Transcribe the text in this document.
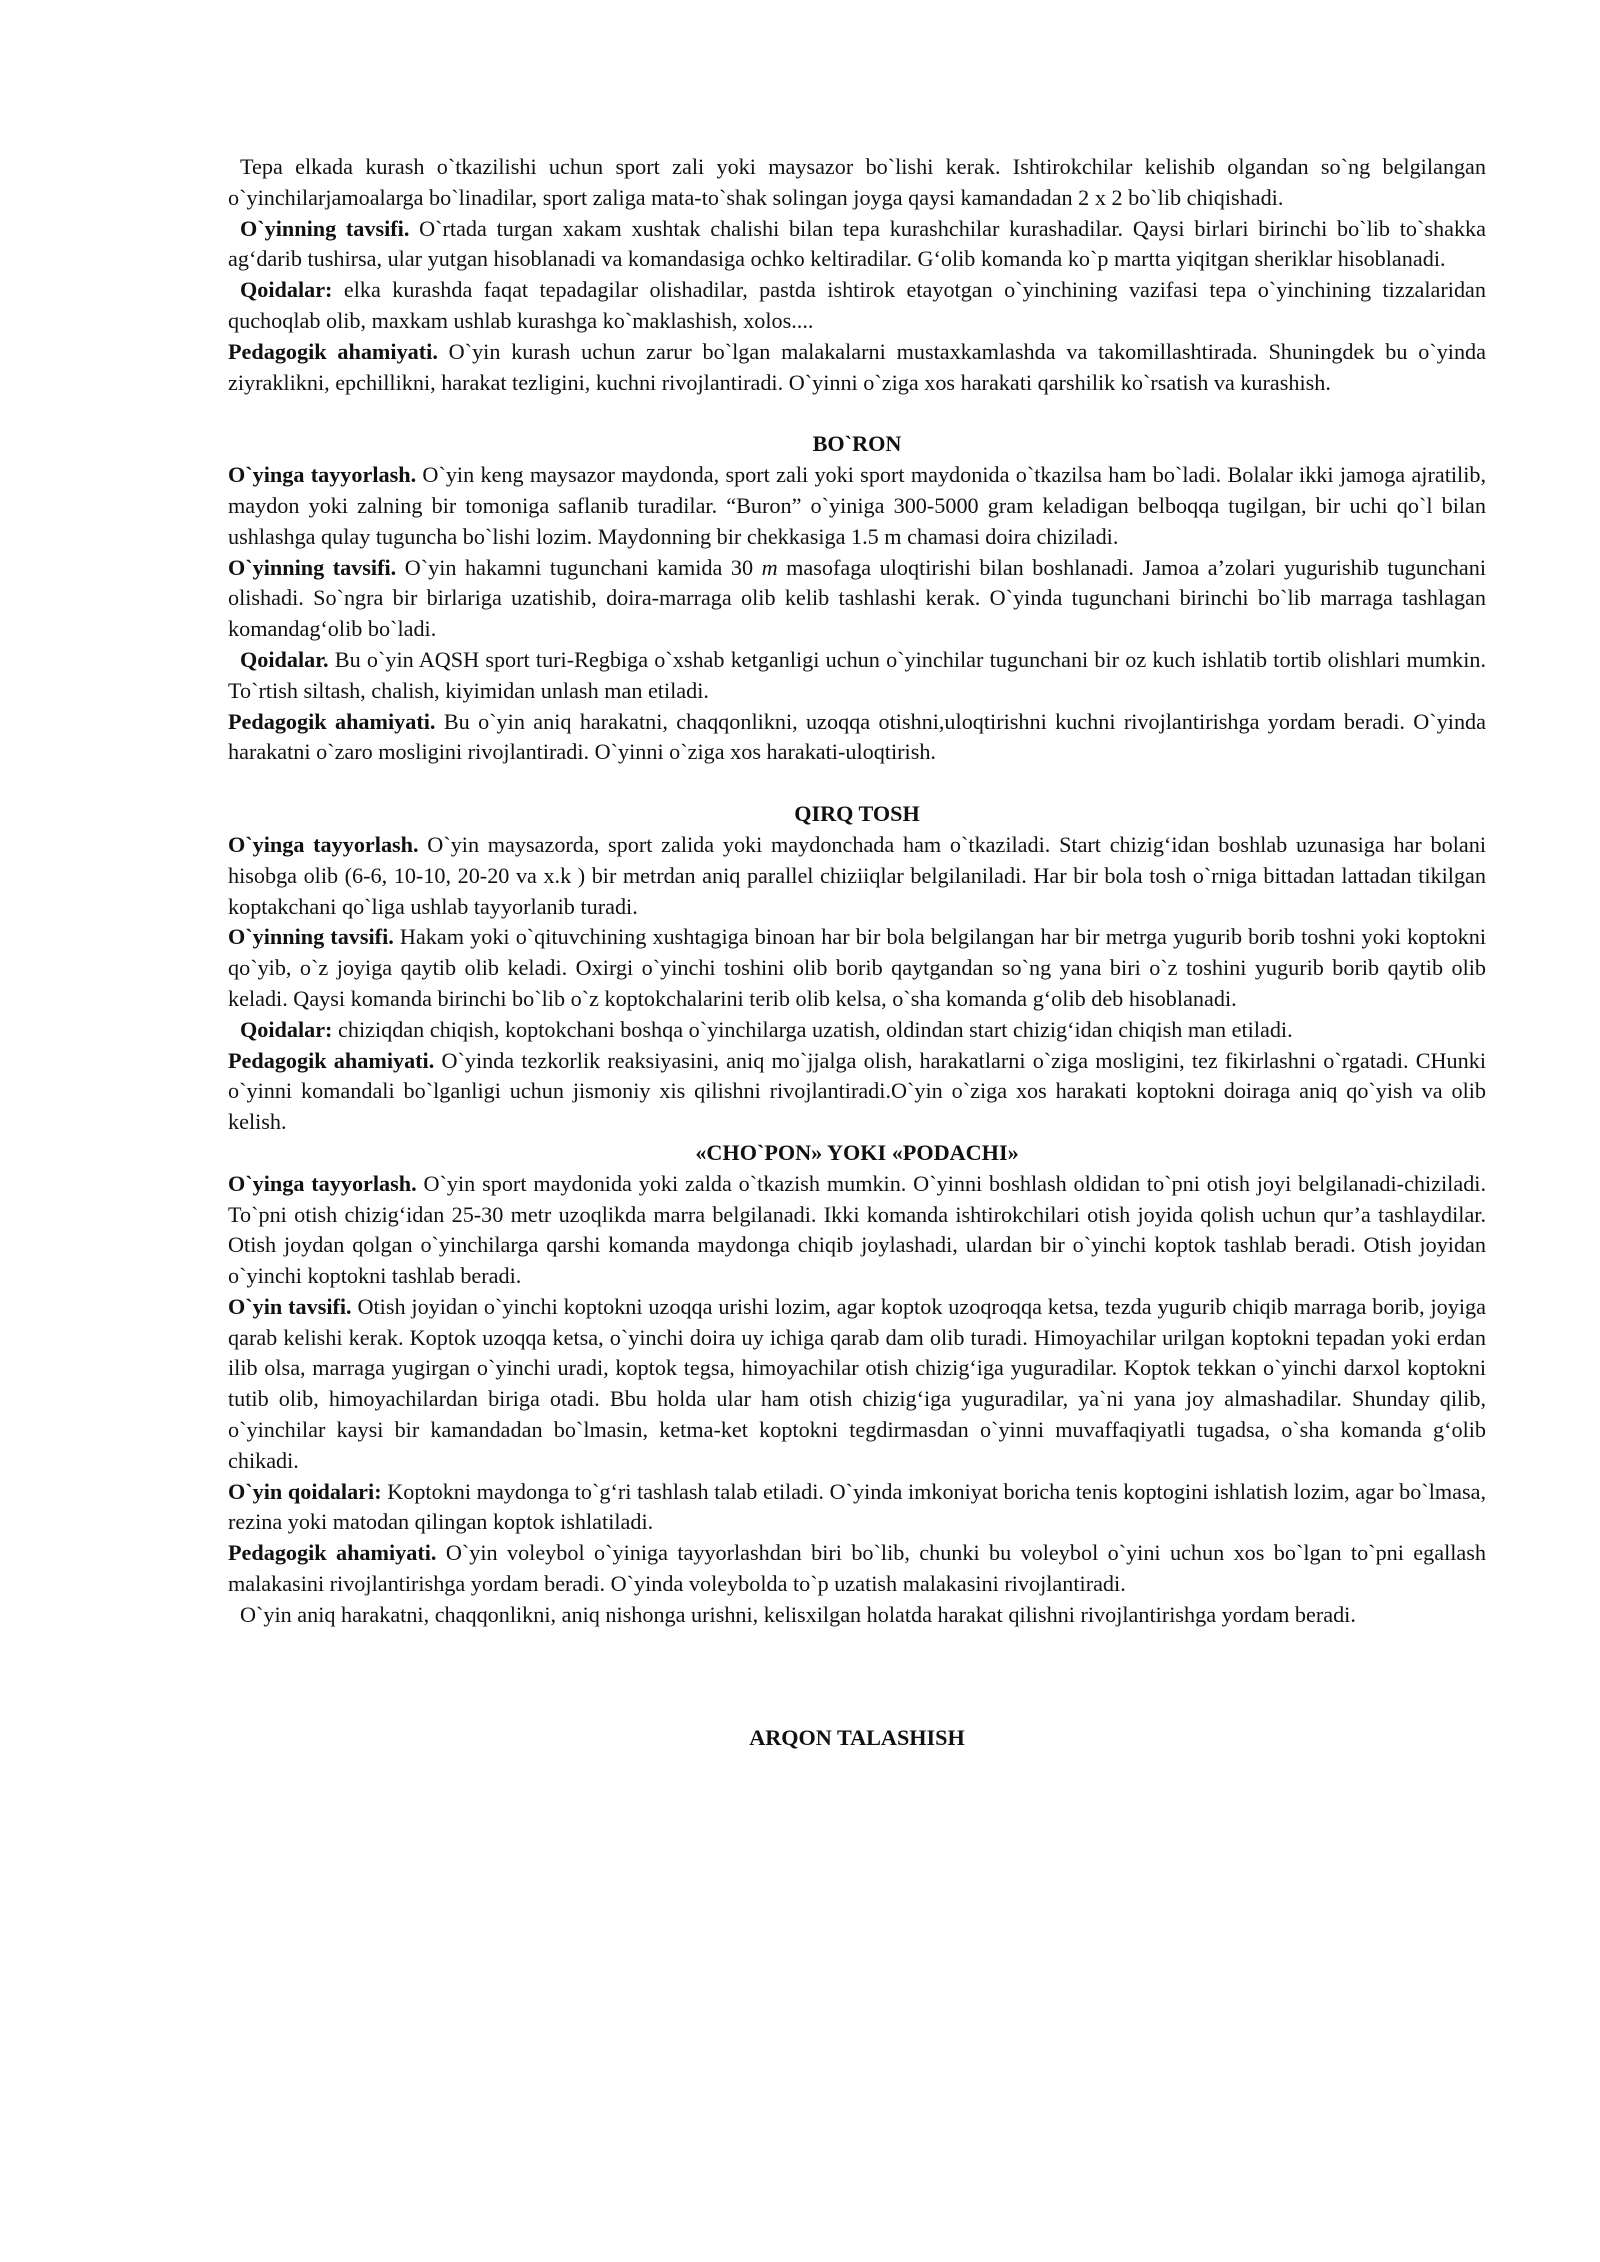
Tepa elkada kurash o`tkazilishi uchun sport zali yoki maysazor bo`lishi kerak. Ishtirokchilar kelishib olgandan so`ng belgilangan o`yinchilarjamoalarga bo`linadilar, sport zaliga mata-to`shak solingan joyga qaysi kamandadan 2 x 2 bo`lib chiqishadi.

O`yinning tavsifi. O`rtada turgan xakam xushtak chalishi bilan tepa kurashchilar kurashadilar. Qaysi birlari birinchi bo`lib to`shakka ag‘darib tushirsa, ular yutgan hisoblanadi va komandasiga ochko keltiradilar. G‘olib komanda ko`p martta yiqitgan sheriklar hisoblanadi.

Qoidalar: elka kurashda faqat tepadagilar olishadilar, pastda ishtirok etayotgan o`yinchining vazifasi tepa o`yinchining tizzalaridan quchoqlab olib, maxkam ushlab kurashga ko`maklashish, xolos....

Pedagogik ahamiyati. O`yin kurash uchun zarur bo`lgan malakalarni mustaxkamlashda va takomillashtirada. Shuningdek bu o`yinda ziyraklikni, epchillikni, harakat tezligini, kuchni rivojlantiradi. O`yinni o`ziga xos harakati qarshilik ko`rsatish va kurashish.

BO`RON

O`yinga tayyorlash. O`yin keng maysazor maydonda, sport zali yoki sport maydonida o`tkazilsa ham bo`ladi. Bolalar ikki jamoga ajratilib, maydon yoki zalning bir tomoniga saflanib turadilar. “Buron” o`yiniga 300-5000 gram keladigan belboqqa tugilgan, bir uchi qo`l bilan ushlashga qulay tuguncha bo`lishi lozim. Maydonning bir chekkasiga 1.5 m chamasi doira chiziladi.

O`yinning tavsifi. O`yin hakamni tugunchani kamida 30 m masofaga uloqtirishi bilan boshlanadi. Jamoa a’zolari yugurishib tugunchani olishadi. So`ngra bir birlariga uzatishib, doira-marraga olib kelib tashlashi kerak. O`yinda tugunchani birinchi bo`lib marraga tashlagan komandag‘olib bo`ladi.

Qoidalar. Bu o`yin AQSH sport turi-Regbiga o`xshab ketganligi uchun o`yinchilar tugunchani bir oz kuch ishlatib tortib olishlari mumkin. To`rtish siltash, chalish, kiyimidan unlash man etiladi.

Pedagogik ahamiyati. Bu o`yin aniq harakatni, chaqqonlikni, uzoqqa otishni,uloqtirishni kuchni rivojlantirishga yordam beradi. O`yinda harakatni o`zaro mosligini rivojlantiradi. O`yinni o`ziga xos harakati-uloqtirish.

QIRQ TOSH

O`yinga tayyorlash. O`yin maysazorda, sport zalida yoki maydonchada ham o`tkaziladi. Start chizig‘idan boshlab uzunasiga har bolani hisobga olib (6-6, 10-10, 20-20 va x.k ) bir metrdan aniq parallel chiziiqlar belgilaniladi. Har bir bola tosh o`rniga bittadan lattadan tikilgan koptakchani qo`liga ushlab tayyorlanib turadi.

O`yinning tavsifi. Hakam yoki o`qituvchining xushtagiga binoan har bir bola belgilangan har bir metrga yugurib borib toshni yoki koptokni qo`yib, o`z joyiga qaytib olib keladi. Oxirgi o`yinchi toshini olib borib qaytgandan so`ng yana biri o`z toshini yugurib borib qaytib olib keladi. Qaysi komanda birinchi bo`lib o`z koptokchalarini terib olib kelsa, o`sha komanda g‘olib deb hisoblanadi.

Qoidalar: chiziqdan chiqish, koptokchani boshqa o`yinchilarga uzatish, oldindan start chizig‘idan chiqish man etiladi.

Pedagogik ahamiyati. O`yinda tezkorlik reaksiyasini, aniq mo`jjalga olish, harakatlarni o`ziga mosligini, tez fikirlashni o`rgatadi. CHunki o`yinni komandali bo`lganligi uchun jismoniy xis qilishni rivojlantiradi.O`yin o`ziga xos harakati koptokni doiraga aniq qo`yish va olib kelish.

«CHO`PON» YOKI «PODACHI»

O`yinga tayyorlash. O`yin sport maydonida yoki zalda o`tkazish mumkin. O`yinni boshlash oldidan to`pni otish joyi belgilanadi-chiziladi. To`pni otish chizig‘idan 25-30 metr uzoqlikda marra belgilanadi. Ikki komanda ishtirokchilari otish joyida qolish uchun qur’a tashlaydilar. Otish joydan qolgan o`yinchilarga qarshi komanda maydonga chiqib joylashadi, ulardan bir o`yinchi koptok tashlab beradi. Otish joyidan o`yinchi koptokni tashlab beradi.

O`yin tavsifi. Otish joyidan o`yinchi koptokni uzoqqa urishi lozim, agar koptok uzoqroqqa ketsa, tezda yugurib chiqib marraga borib, joyiga qarab kelishi kerak. Koptok uzoqqa ketsa, o`yinchi doira uy ichiga qarab dam olib turadi. Himoyachilar urilgan koptokni tepadan yoki erdan ilib olsa, marraga yugirgan o`yinchi uradi, koptok tegsa, himoyachilar otish chizig‘iga yuguradilar. Koptok tekkan o`yinchi darxol koptokni tutib olib, himoyachilardan biriga otadi. Bbu holda ular ham otish chizig‘iga yuguradilar, ya`ni yana joy almashadilar. Shunday qilib, o`yinchilar kaysi bir kamandadan bo`lmasin, ketma-ket koptokni tegdirmasdan o`yinni muvaffaqiyatli tugadsa, o`sha komanda g‘olib chikadi.

O`yin qoidalari: Koptokni maydonga to`g‘ri tashlash talab etiladi. O`yinda imkoniyat boricha tenis koptogini ishlatish lozim, agar bo`lmasa, rezina yoki matodan qilingan koptok ishlatiladi.

Pedagogik ahamiyati. O`yin voleybol o`yiniga tayyorlashdan biri bo`lib, chunki bu voleybol o`yini uchun xos bo`lgan to`pni egallash malakasini rivojlantirishga yordam beradi. O`yinda voleybolda to`p uzatish malakasini rivojlantiradi.

O`yin aniq harakatni, chaqqonlikni, aniq nishonga urishni, kelisxilgan holatda harakat qilishni rivojlantirishga yordam beradi.

ARQON TALASHISH
